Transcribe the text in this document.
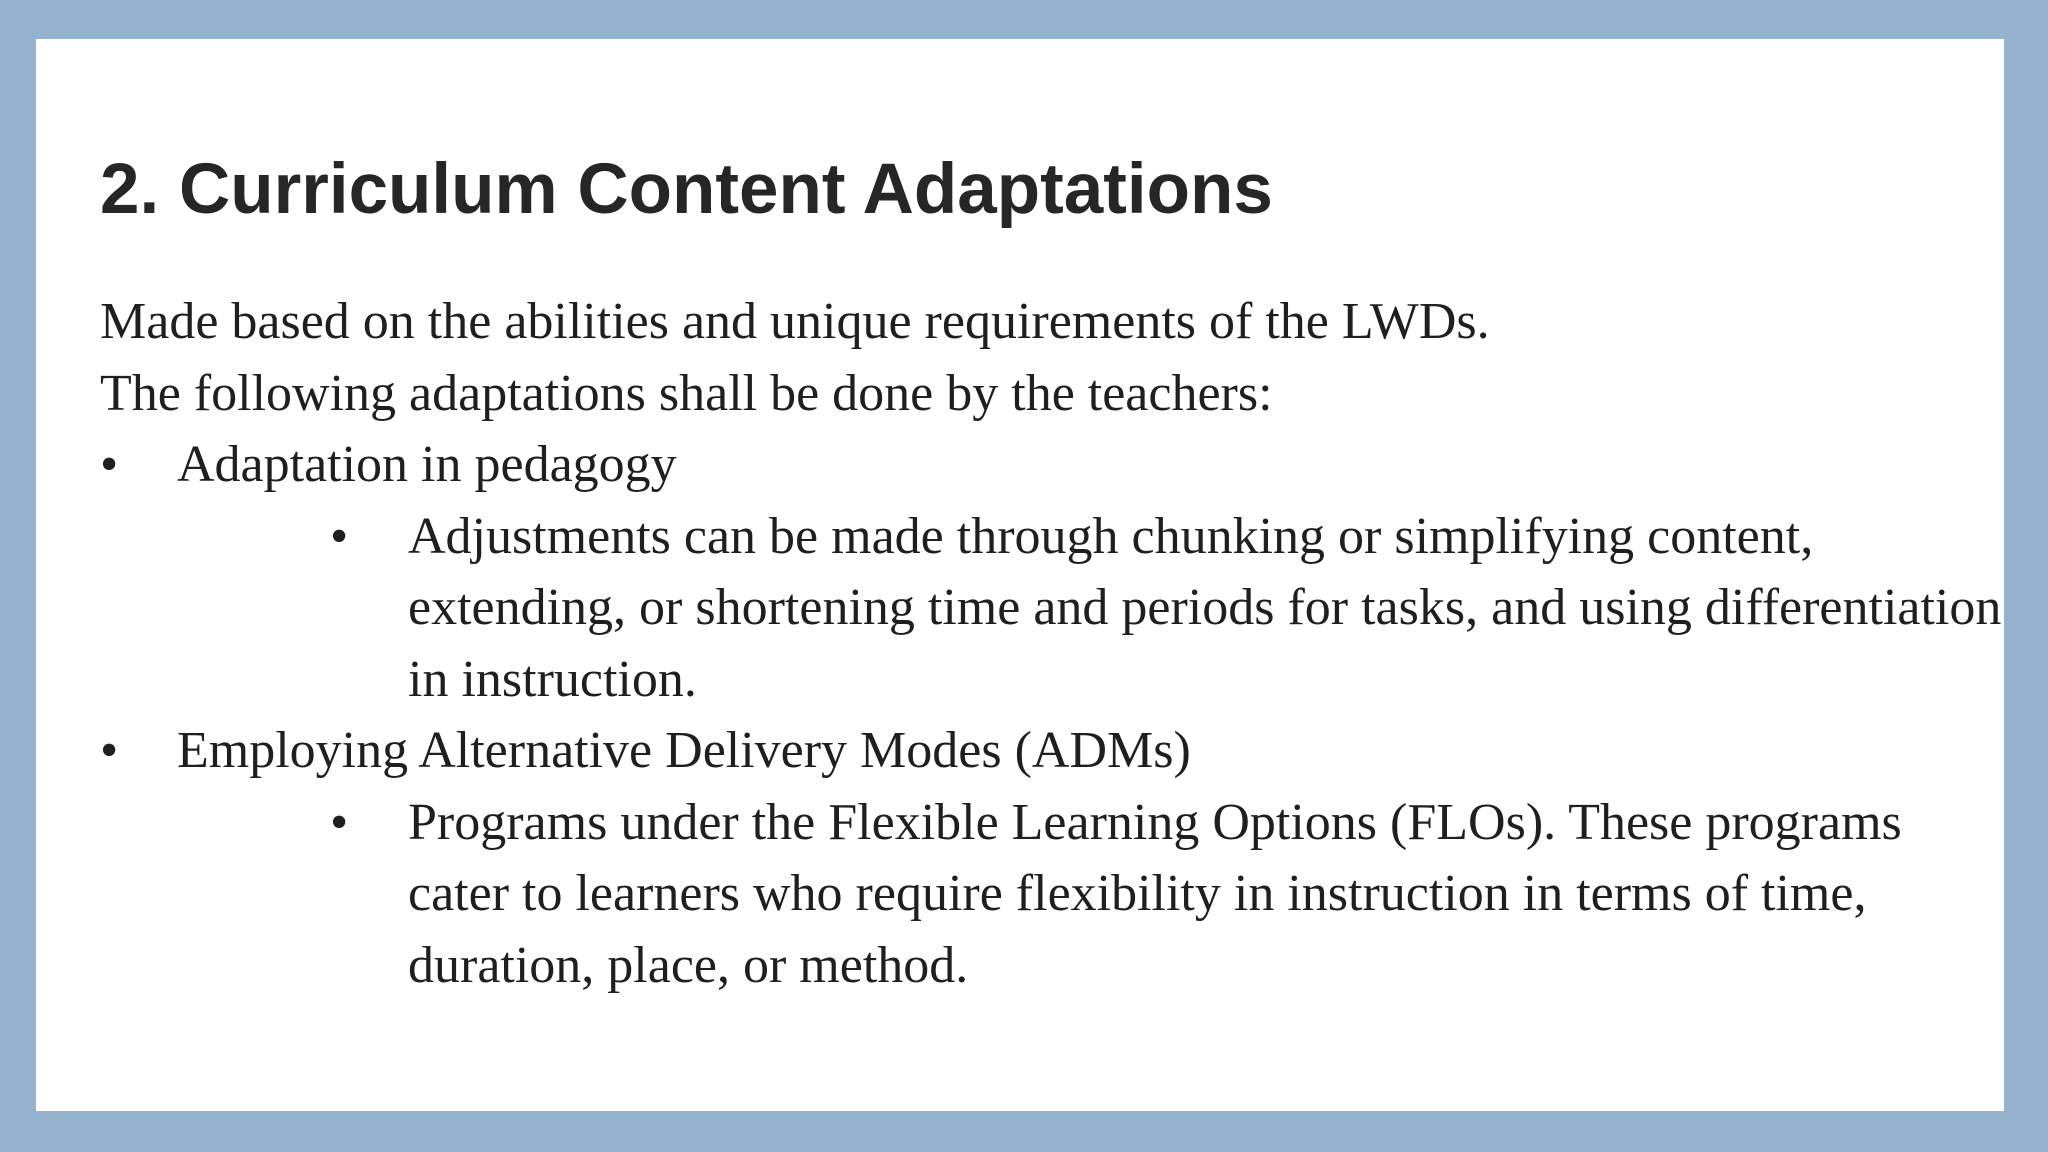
2. Curriculum Content Adaptations

Made based on the abilities and unique requirements of the LWDs.

The following adaptations shall be done by the teachers:

• Adaptation in pedagogy
• Adjustments can be made through chunking or simplifying content, extending, or shortening time and periods for tasks, and using differentiation in instruction.
• Employing Alternative Delivery Modes (ADMs)
• Programs under the Flexible Learning Options (FLOs). These programs cater to learners who require flexibility in instruction in terms of time, duration, place, or method.
